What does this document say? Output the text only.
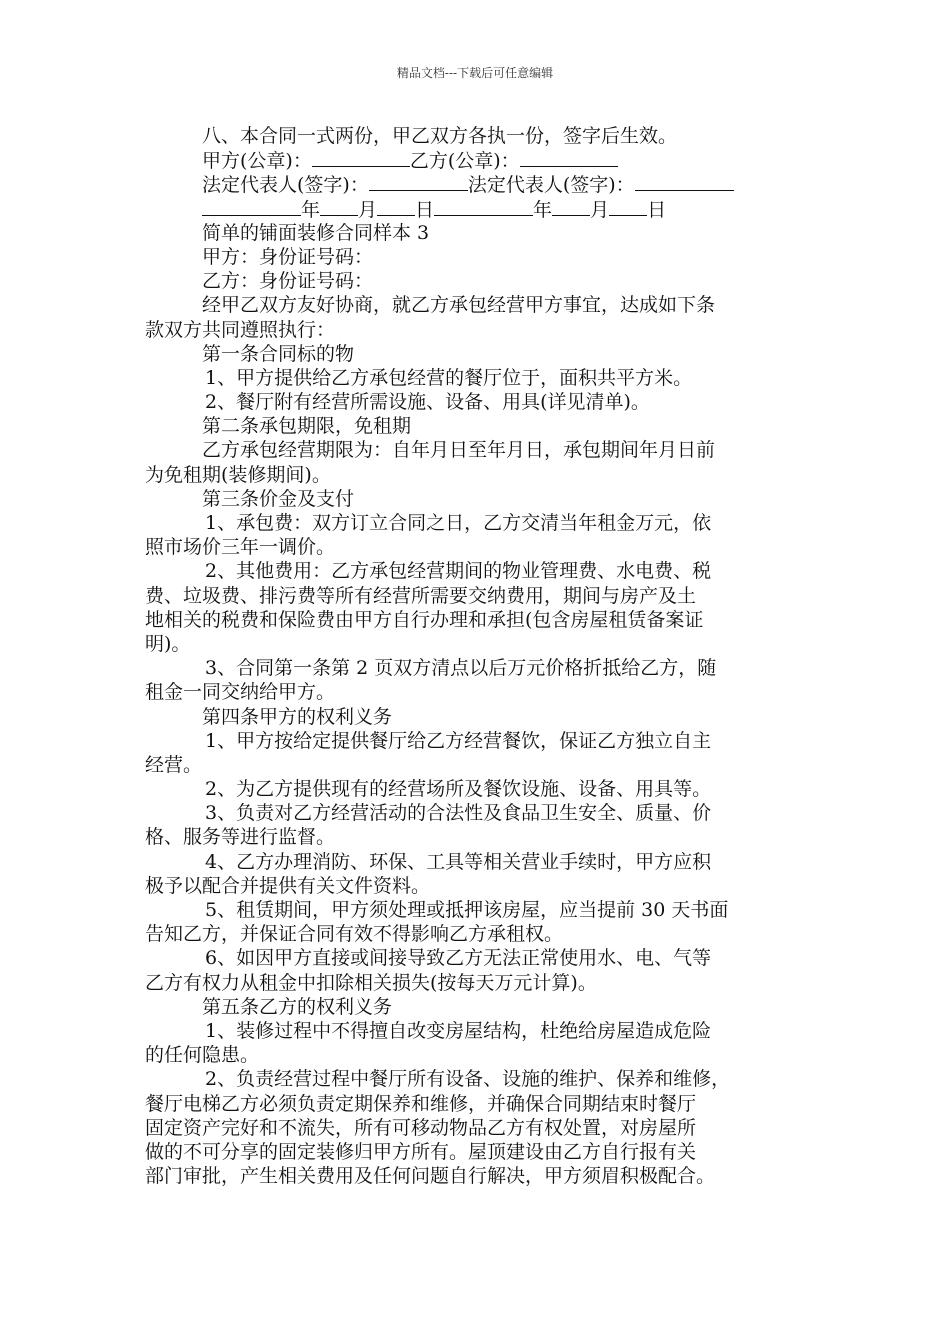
精品文档---下载后可任意编辑
八、本合同一式两份，甲乙双方各执一份，签字后生效。
甲方(公章)：	乙方(公章)：
法定代表人(签字)：	法定代表人(签字)：
年 月 日	年 月 日
简单的铺面装修合同样本 3
甲方：身份证号码：
乙方：身份证号码：
经甲乙双方友好协商，就乙方承包经营甲方事宜，达成如下条
款双方共同遵照执行：
第一条合同标的物
1、甲方提供给乙方承包经营的餐厅位于，面积共平方米。
2、餐厅附有经营所需设施、设备、用具(详见清单)。
第二条承包期限，免租期
乙方承包经营期限为：自年月日至年月日，承包期间年月日前
为免租期(装修期间)。
第三条价金及支付
1、承包费：双方订立合同之日，乙方交清当年租金万元，依
照市场价三年一调价。
2、其他费用：乙方承包经营期间的物业管理费、水电费、税
费、垃圾费、排污费等所有经营所需要交纳费用，期间与房产及土
地相关的税费和保险费由甲方自行办理和承担(包含房屋租赁备案证
明)。
3、合同第一条第 2 页双方清点以后万元价格折抵给乙方，随
租金一同交纳给甲方。
第四条甲方的权利义务
1、甲方按给定提供餐厅给乙方经营餐饮，保证乙方独立自主
经营。
2、为乙方提供现有的经营场所及餐饮设施、设备、用具等。
3、负责对乙方经营活动的合法性及食品卫生安全、质量、价
格、服务等进行监督。
4、乙方办理消防、环保、工具等相关营业手续时，甲方应积
极予以配合并提供有关文件资料。
5、租赁期间，甲方须处理或抵押该房屋，应当提前 30 天书面
告知乙方，并保证合同有效不得影响乙方承租权。
6、如因甲方直接或间接导致乙方无法正常使用水、电、气等
乙方有权力从租金中扣除相关损失(按每天万元计算)。
第五条乙方的权利义务
1、装修过程中不得擅自改变房屋结构，杜绝给房屋造成危险
的任何隐患。
2、负责经营过程中餐厅所有设备、设施的维护、保养和维修，
餐厅电梯乙方必须负责定期保养和维修，并确保合同期结束时餐厅
固定资产完好和不流失，所有可移动物品乙方有权处置，对房屋所
做的不可分享的固定装修归甲方所有。屋顶建设由乙方自行报有关
部门审批，产生相关费用及任何问题自行解决，甲方须眉积极配合。
